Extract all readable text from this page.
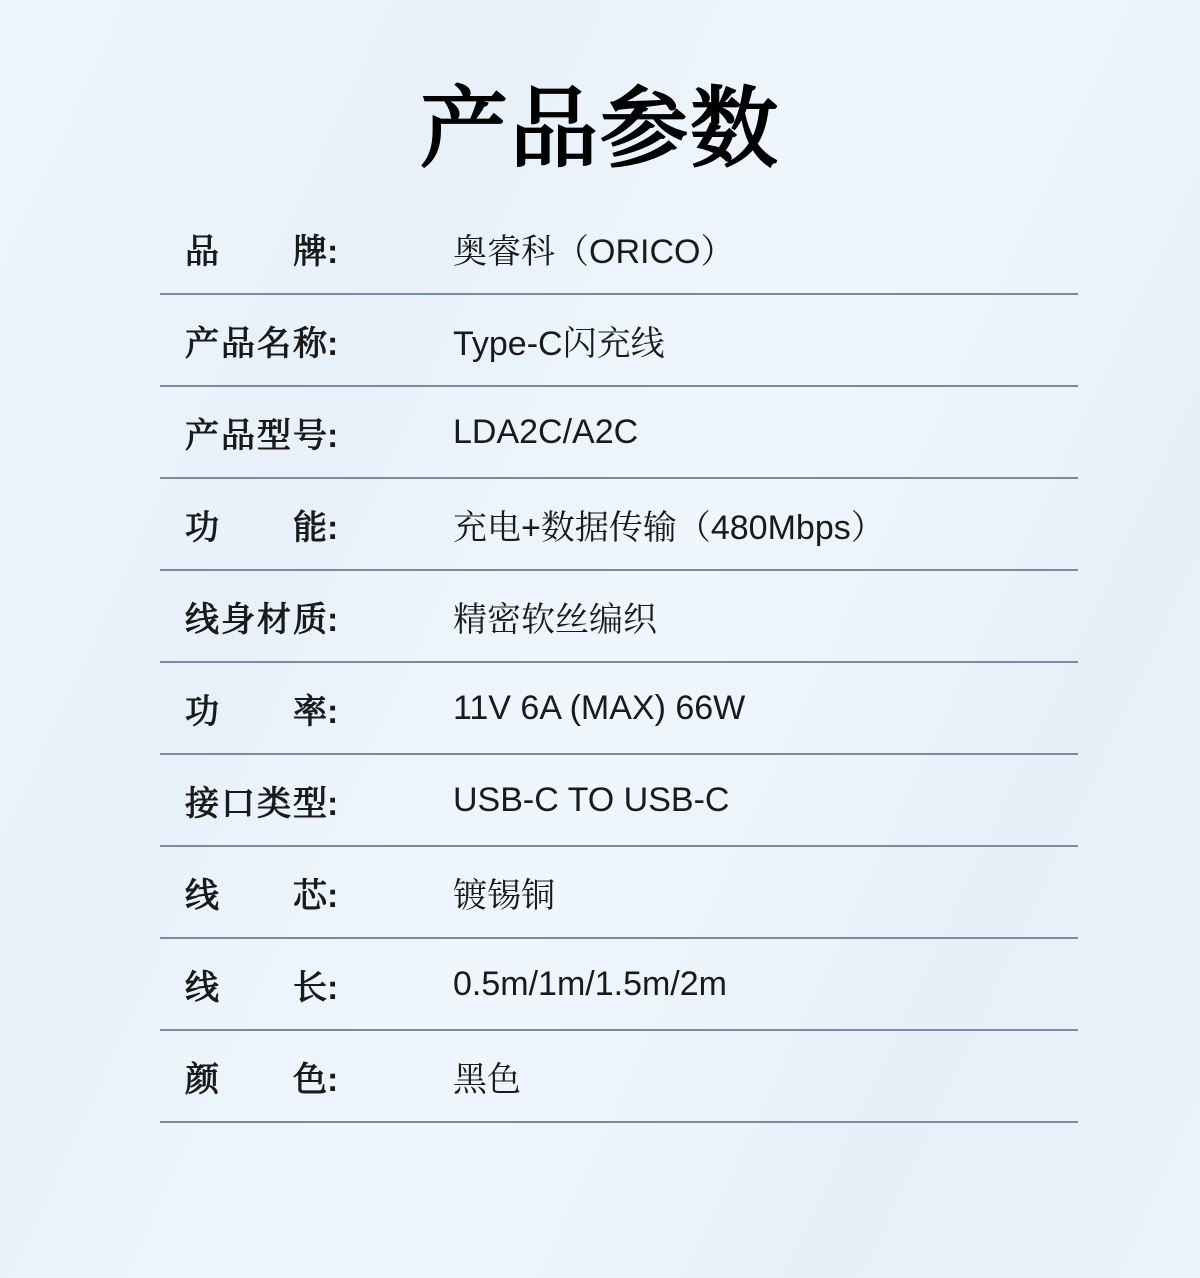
产品参数
品牌 :	奥睿科（ORICO）
产品名称 :	Type-C闪充线
产品型号 :	LDA2C/A2C
功能 :	充电+数据传输（480Mbps）
线身材质 :	精密软丝编织
功率 :	11V 6A (MAX) 66W
接口类型 :	USB-C TO USB-C
线芯 :	镀锡铜
线长 :	0.5m/1m/1.5m/2m
颜色 :	黑色
